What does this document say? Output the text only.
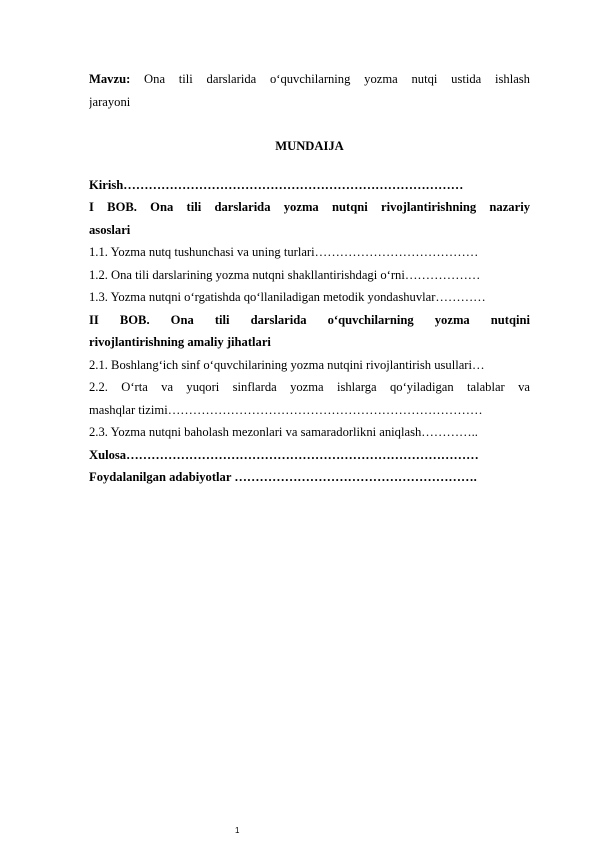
Mavzu: Ona tili darslarida o‘quvchilarning yozma nutqi ustida ishlash
jarayoni
MUNDAIJA
Kirish………………………………………………………………………
I BOB. Ona tili darslarida yozma nutqni rivojlantirishning nazariy
asoslari
1.1. Yozma nutq tushunchasi va uning turlari…………………………………
1.2. Ona tili darslarining yozma nutqni shakllantirishdagi o‘rni………………
1.3. Yozma nutqni o‘rgatishda qo‘llaniladigan metodik yondashuvlar…………
II BOB. Ona tili darslarida o‘quvchilarning yozma nutqini
rivojlantirishning amaliy jihatlari
2.1. Boshlang‘ich sinf o‘quvchilarining yozma nutqini rivojlantirish usullari…
2.2. O‘rta va yuqori sinflarda yozma ishlarga qo‘yiladigan talablar va
mashqlar tizimi…………………………………………………………………
2.3. Yozma nutqni baholash mezonlari va samaradorlikni aniqlash…………..
Xulosa…………………………………………………………………………
Foydalanilgan adabiyotlar ………………………………………………….
1
